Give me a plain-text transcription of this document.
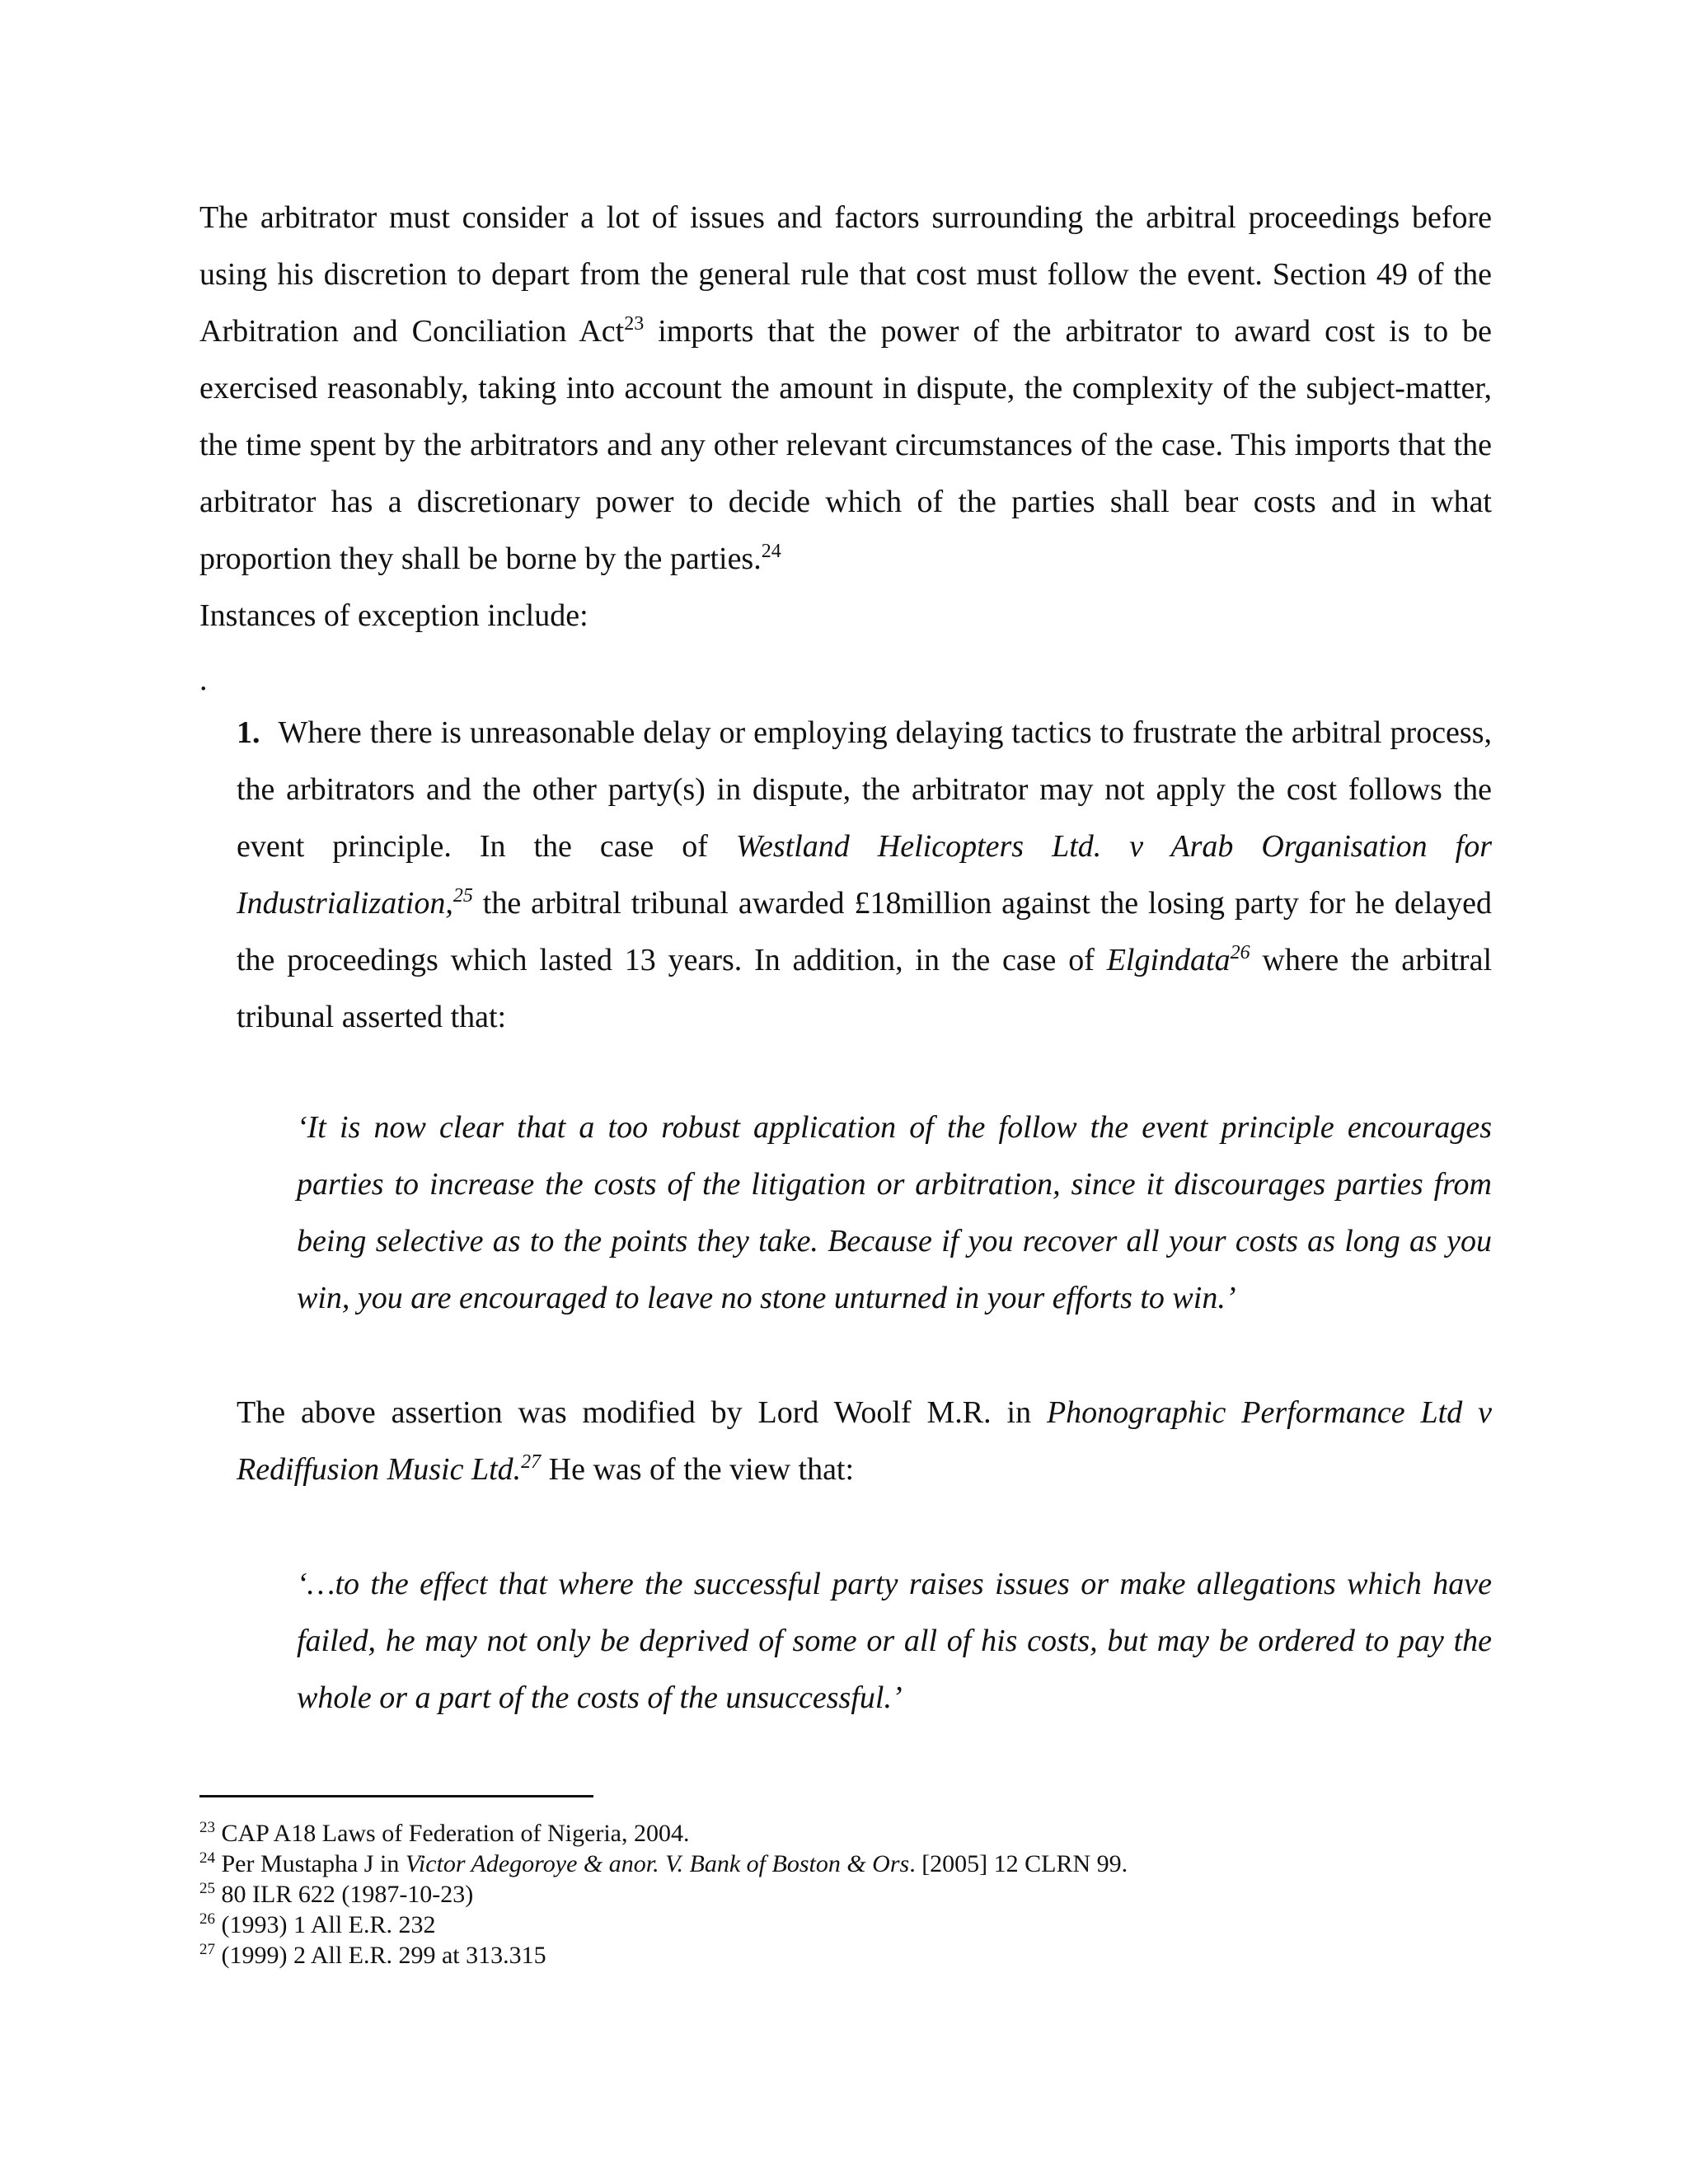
The arbitrator must consider a lot of issues and factors surrounding the arbitral proceedings before using his discretion to depart from the general rule that cost must follow the event. Section 49 of the Arbitration and Conciliation Act$^{23}$ imports that the power of the arbitrator to award cost is to be exercised reasonably, taking into account the amount in dispute, the complexity of the subject-matter, the time spent by the arbitrators and any other relevant circumstances of the case. This imports that the arbitrator has a discretionary power to decide which of the parties shall bear costs and in what proportion they shall be borne by the parties.$^{24}$
Instances of exception include:

.

1. Where there is unreasonable delay or employing delaying tactics to frustrate the arbitral process, the arbitrators and the other party(s) in dispute, the arbitrator may not apply the cost follows the event principle. In the case of Westland Helicopters Ltd. v Arab Organisation for Industrialization,$^{25}$ the arbitral tribunal awarded £18million against the losing party for he delayed the proceedings which lasted 13 years. In addition, in the case of Elgindata$^{26}$ where the arbitral tribunal asserted that:

‘It is now clear that a too robust application of the follow the event principle encourages parties to increase the costs of the litigation or arbitration, since it discourages parties from being selective as to the points they take. Because if you recover all your costs as long as you win, you are encouraged to leave no stone unturned in your efforts to win.’

The above assertion was modified by Lord Woolf M.R. in Phonographic Performance Ltd v Rediffusion Music Ltd.$^{27}$ He was of the view that:

‘…to the effect that where the successful party raises issues or make allegations which have failed, he may not only be deprived of some or all of his costs, but may be ordered to pay the whole or a part of the costs of the unsuccessful.’

$^{23}$ CAP A18 Laws of Federation of Nigeria, 2004.
$^{24}$ Per Mustapha J in Victor Adegoroye & anor. V. Bank of Boston & Ors. [2005] 12 CLRN 99.
$^{25}$ 80 ILR 622 (1987-10-23)
$^{26}$ (1993) 1 All E.R. 232
$^{27}$ (1999) 2 All E.R. 299 at 313.315
